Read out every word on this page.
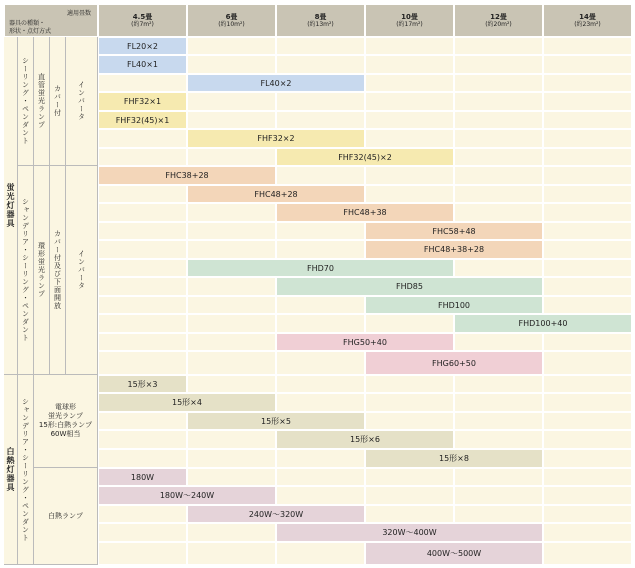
適用畳数
器具の種類・
形状・点灯方式
4.5畳
(約7m²)
6畳
(約10m²)
8畳
(約13m²)
10畳
(約17m²)
12畳
(約20m²)
14畳
(約23m²)
蛍光灯器具
白熱灯器具
シーリング・ペンダント
シャンデリア・シーリング・ペンダント
シャンデリア・シーリング・ペンダント
直管蛍光ランプ
環形蛍光ランプ
カバー付
カバー付及び下面開放
インバータ
インバータ
電球形
蛍光ランプ
15形:白熱ランプ
60W相当
白熱ランプ
FL20×2
FL40×1
FL40×2
FHF32×1
FHF32(45)×1
FHF32×2
FHF32(45)×2
FHC38+28
FHC48+28
FHC48+38
FHC58+48
FHC48+38+28
FHD70
FHD85
FHD100
FHD100+40
FHG50+40
FHG60+50
15形×3
15形×4
15形×5
15形×6
15形×8
180W
180W～240W
240W～320W
320W～400W
400W～500W
